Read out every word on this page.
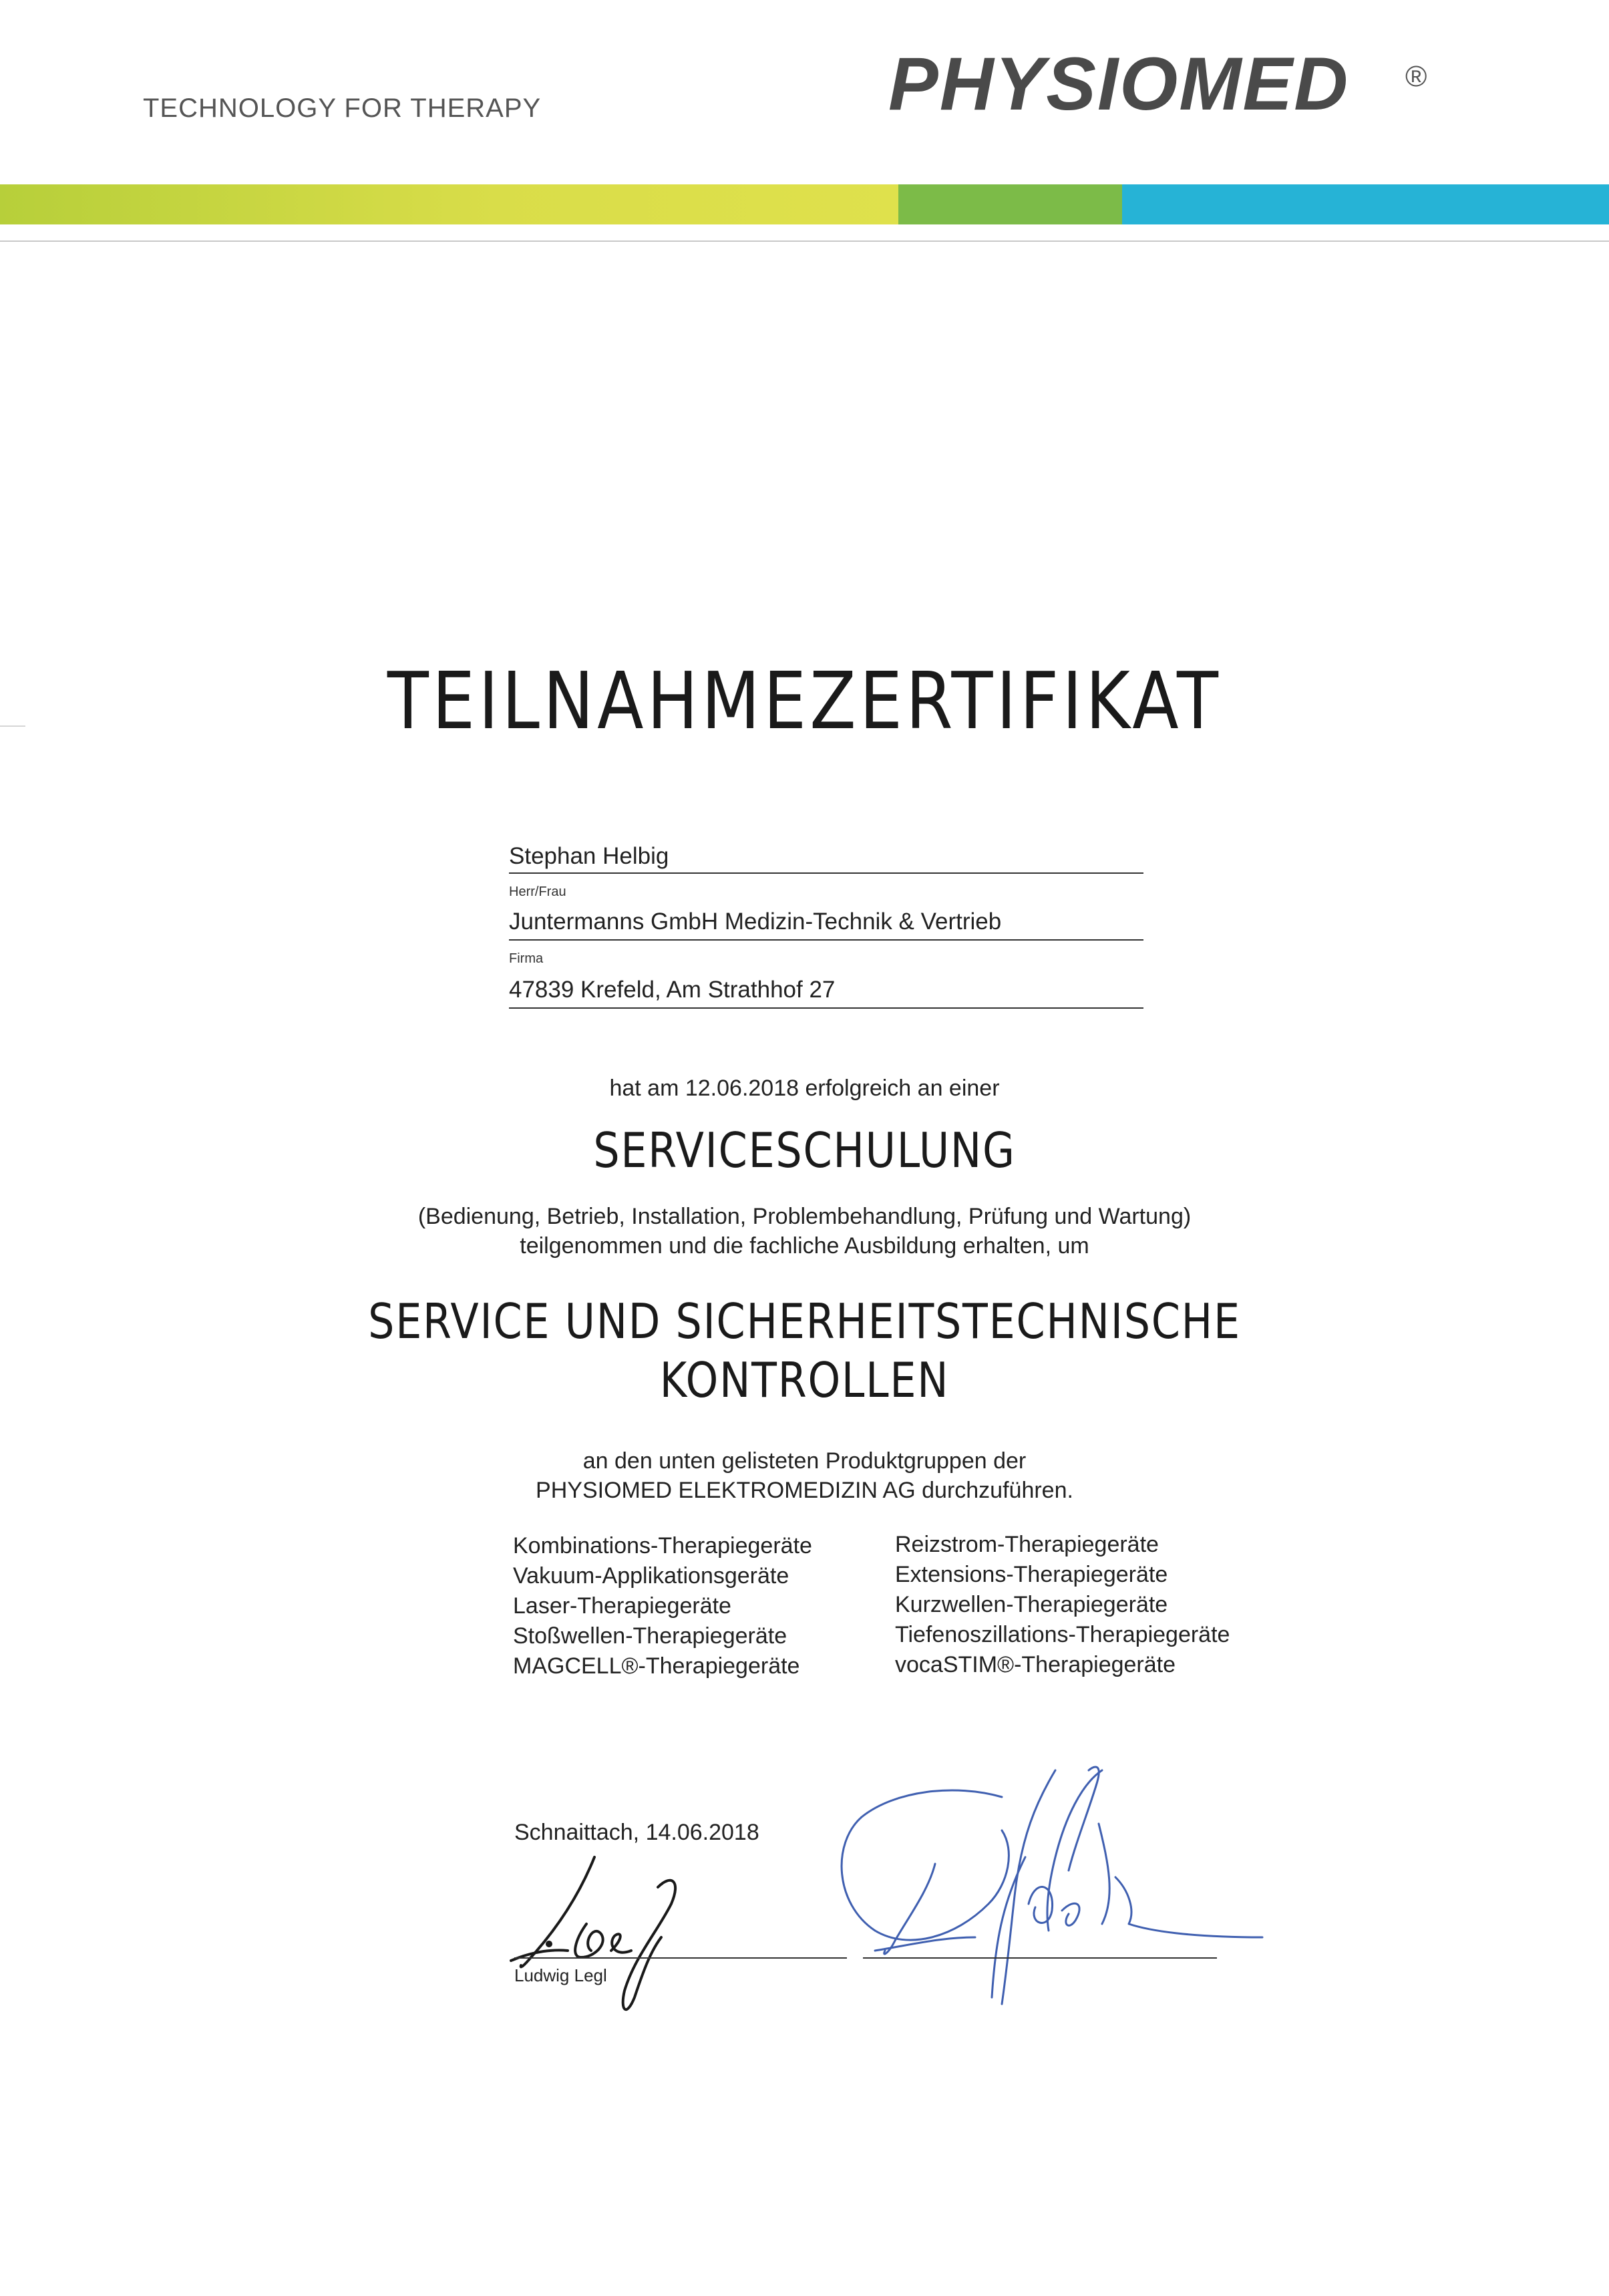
TECHNOLOGY FOR THERAPY	PHYSIOMED ®
TEILNAHMEZERTIFIKAT
Stephan Helbig
Herr/Frau
Juntermanns GmbH Medizin-Technik & Vertrieb
Firma
47839 Krefeld, Am Strathhof 27
hat am 12.06.2018 erfolgreich an einer
SERVICESCHULUNG
(Bedienung, Betrieb, Installation, Problembehandlung, Prüfung und Wartung)
teilgenommen und die fachliche Ausbildung erhalten, um
SERVICE UND SICHERHEITSTECHNISCHE
KONTROLLEN
an den unten gelisteten Produktgruppen der
PHYSIOMED ELEKTROMEDIZIN AG durchzuführen.
Kombinations-Therapiegeräte
Vakuum-Applikationsgeräte
Laser-Therapiegeräte
Stoßwellen-Therapiegeräte
MAGCELL®-Therapiegeräte
Reizstrom-Therapiegeräte
Extensions-Therapiegeräte
Kurzwellen-Therapiegeräte
Tiefenoszillations-Therapiegeräte
vocaSTIM®-Therapiegeräte
Schnaittach, 14.06.2018
Ludwig Legl
